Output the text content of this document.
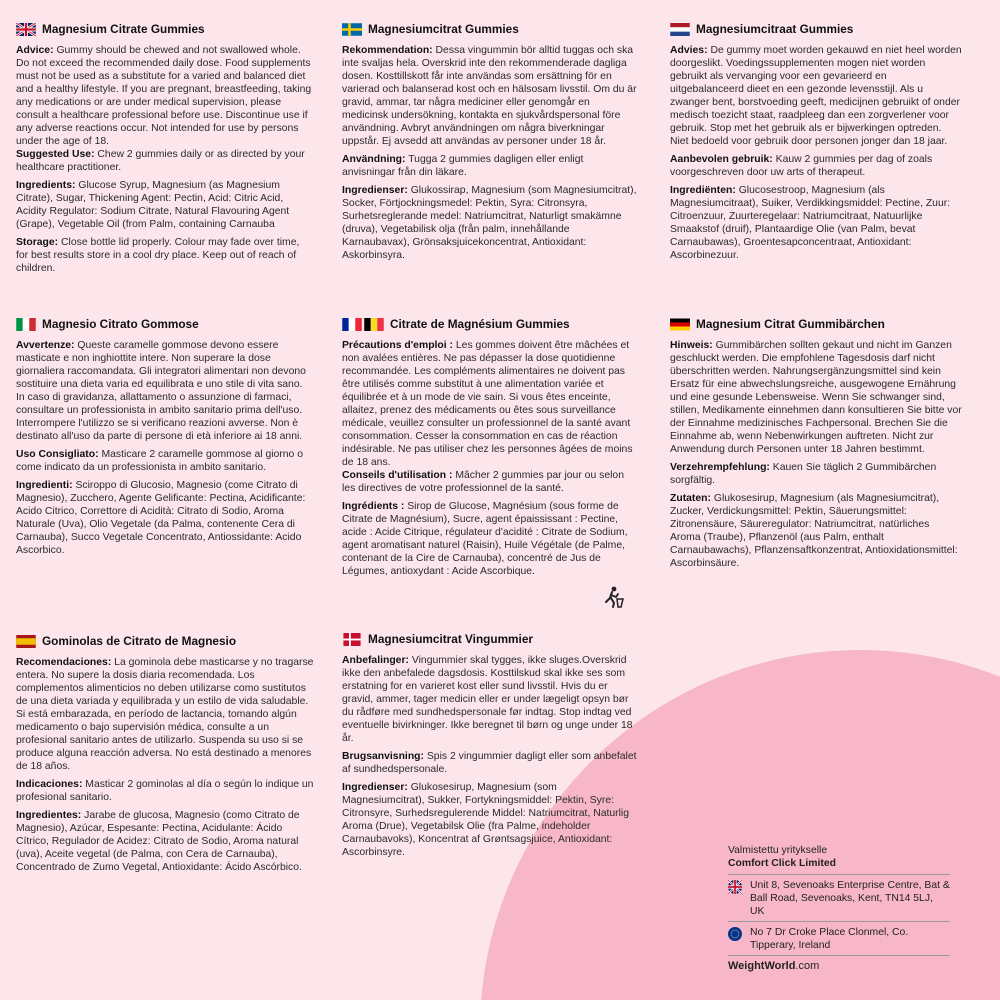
Magnesium Citrate Gummies

Advice: Gummy should be chewed and not swallowed whole. Do not exceed the recommended daily dose. Food supplements must not be used as a substitute for a varied and balanced diet and a healthy lifestyle. If you are pregnant, breastfeeding, taking any medications or are under medical supervision, please consult a healthcare professional before use. Discontinue use if any adverse reactions occur. Not intended for use by persons under the age of 18.

Suggested Use: Chew 2 gummies daily or as directed by your healthcare practitioner.

Ingredients: Glucose Syrup, Magnesium (as Magnesium Citrate), Sugar, Thickening Agent: Pectin, Acid: Citric Acid, Acidity Regulator: Sodium Citrate, Natural Flavouring Agent (Grape), Vegetable Oil (from Palm, containing Carnauba

Storage: Close bottle lid properly. Colour may fade over time, for best results store in a cool dry place. Keep out of reach of children.

Magnesiumcitrat Gummies

Rekommendation: Dessa vingummin bör alltid tuggas och ska inte svaljas hela. Overskrid inte den rekommenderade dagliga dosen. Kosttillskott får inte användas som ersättning för en varierad och balanserad kost och en hälsosam livsstil. Om du är gravid, ammar, tar några mediciner eller genomgår en medicinsk undersökning, kontakta en sjukvårdspersonal före användning. Avbryt användningen om några biverkningar uppstår. Ej avsedd att användas av personer under 18 år.

Användning: Tugga 2 gummies dagligen eller enligt anvisningar från din läkare.

Ingredienser: Glukossirap, Magnesium (som Magnesiumcitrat), Socker, Förtjockningsmedel: Pektin, Syra: Citronsyra, Surhetsreglerande medel: Natriumcitrat, Naturligt smakämne (druva), Vegetabilisk olja (från palm, innehållande Karnaubavax), Grönsaksjuicekoncentrat, Antioxidant: Askorbinsyra.

Magnesiumcitraat Gummies

Advies: De gummy moet worden gekauwd en niet heel worden doorgeslikt. Voedingssupplementen mogen niet worden gebruikt als vervanging voor een gevarieerd en uitgebalanceerd dieet en een gezonde levensstijl. Als u zwanger bent, borstvoeding geeft, medicijnen gebruikt of onder medisch toezicht staat, raadpleeg dan een zorgverlener voor gebruik. Stop met het gebruik als er bijwerkingen optreden. Niet bedoeld voor gebruik door personen jonger dan 18 jaar.

Aanbevolen gebruik: Kauw 2 gummies per dag of zoals voorgeschreven door uw arts of therapeut.

Ingrediënten: Glucosestroop, Magnesium (als Magnesiumcitraat), Suiker, Verdikkingsmiddel: Pectine, Zuur: Citroenzuur, Zuurteregelaar: Natriumcitraat, Natuurlijke Smaakstof (druif), Plantaardige Olie (van Palm, bevat Carnaubawas), Groentesapconcentraat, Antioxidant: Ascorbinezuur.

Magnesio Citrato Gommose

Avvertenze: Queste caramelle gommose devono essere masticate e non inghiottite intere. Non superare la dose giornaliera raccomandata. Gli integratori alimentari non devono sostituire una dieta varia ed equilibrata e uno stile di vita sano. In caso di gravidanza, allattamento o assunzione di farmaci, consultare un professionista in ambito sanitario prima dell'uso. Interrompere l'utilizzo se si verificano reazioni avverse. Non è destinato all'uso da parte di persone di età inferiore ai 18 anni.

Uso Consigliato: Masticare 2 caramelle gommose al giorno o come indicato da un professionista in ambito sanitario.

Ingredienti: Sciroppo di Glucosio, Magnesio (come Citrato di Magnesio), Zucchero, Agente Gelificante: Pectina, Acidificante: Acido Citrico, Correttore di Acidità: Citrato di Sodio, Aroma Naturale (Uva), Olio Vegetale (da Palma, contenente Cera di Carnauba), Succo Vegetale Concentrato, Antiossidante: Acido Ascorbico.

Citrate de Magnésium Gummies

Précautions d'emploi : Les gommes doivent être mâchées et non avalées entières. Ne pas dépasser la dose quotidienne recommandée. Les compléments alimentaires ne doivent pas être utilisés comme substitut à une alimentation variée et équilibrée et à un mode de vie sain. Si vous êtes enceinte, allaitez, prenez des médicaments ou êtes sous surveillance médicale, veuillez consulter un professionnel de la santé avant consommation. Cesser la consommation en cas de réaction indésirable. Ne pas utiliser chez les personnes âgées de moins de 18 ans.

Conseils d'utilisation : Mâcher 2 gummies par jour ou selon les directives de votre professionnel de la santé.

Ingrédients : Sirop de Glucose, Magnésium (sous forme de Citrate de Magnésium), Sucre, agent épaississant : Pectine, acide : Acide Citrique, régulateur d'acidité : Citrate de Sodium, agent aromatisant naturel (Raisin), Huile Végétale (de Palme, contenant de la Cire de Carnauba), concentré de Jus de Légumes, antioxydant : Acide Ascorbique.

Magnesium Citrat Gummibärchen

Hinweis: Gummibärchen sollten gekaut und nicht im Ganzen geschluckt werden. Die empfohlene Tagesdosis darf nicht überschritten werden. Nahrungsergänzungsmittel sind kein Ersatz für eine abwechslungsreiche, ausgewogene Ernährung und eine gesunde Lebensweise. Wenn Sie schwanger sind, stillen, Medikamente einnehmen dann konsultieren Sie bitte vor der Einnahme medizinisches Fachpersonal. Brechen Sie die Einnahme ab, wenn Nebenwirkungen auftreten. Nicht zur Anwendung durch Personen unter 18 Jahren bestimmt.

Verzehrempfehlung: Kauen Sie täglich 2 Gummibärchen sorgfältig.

Zutaten: Glukosesirup, Magnesium (als Magnesiumcitrat), Zucker, Verdickungsmittel: Pektin, Säuerungsmittel: Zitronensäure, Säureregulator: Natriumcitrat, natürliches Aroma (Traube), Pflanzenöl (aus Palm, enthalt Carnaubawachs), Pflanzensaftkonzentrat, Antioxidationsmittel: Ascorbinsäure.

Gominolas de Citrato de Magnesio

Recomendaciones: La gominola debe masticarse y no tragarse entera. No supere la dosis diaria recomendada. Los complementos alimenticios no deben utilizarse como sustitutos de una dieta variada y equilibrada y un estilo de vida saludable. Si está embarazada, en período de lactancia, tomando algún medicamento o bajo supervisión médica, consulte a un profesional sanitario antes de utilizarlo. Suspenda su uso si se produce alguna reacción adversa. No está destinado a menores de 18 años.

Indicaciones: Masticar 2 gominolas al día o según lo indique un profesional sanitario.

Ingredientes: Jarabe de glucosa, Magnesio (como Citrato de Magnesio), Azúcar, Espesante: Pectina, Acidulante: Ácido Cítrico, Regulador de Acidez: Citrato de Sodio, Aroma natural (uva), Aceite vegetal (de Palma, con Cera de Carnauba), Concentrado de Zumo Vegetal, Antioxidante: Ácido Ascórbico.

Magnesiumcitrat Vingummier

Anbefalinger: Vingummier skal tygges, ikke sluges.Overskrid ikke den anbefalede dagsdosis. Kosttilskud skal ikke ses som erstatning for en varieret kost eller sund livsstil. Hvis du er gravid, ammer, tager medicin eller er under lægeligt opsyn bør du rådføre med sundhedspersonale før indtag. Stop indtag ved eventuelle bivirkninger. Ikke beregnet til børn og unge under 18 år.

Brugsanvisning: Spis 2 vingummier dagligt eller som anbefalet af sundhedspersonale.

Ingredienser: Glukosesirup, Magnesium (som Magnesiumcitrat), Sukker, Fortykningsmiddel: Pektin, Syre: Citronsyre, Surhedsregulerende Middel: Natriumcitrat, Naturlig Aroma (Drue), Vegetabilsk Olie (fra Palme, indeholder Carnaubavoks), Koncentrat af Grøntsagsjuice, Antioxidant: Ascorbinsyre.	Valmistettu yritykselle
Comfort Click Limited
Unit 8, Sevenoaks Enterprise Centre, Bat & Ball Road, Sevenoaks, Kent, TN14 5LJ, UK
No 7 Dr Croke Place Clonmel, Co. Tipperary, Ireland
WeightWorld.com
